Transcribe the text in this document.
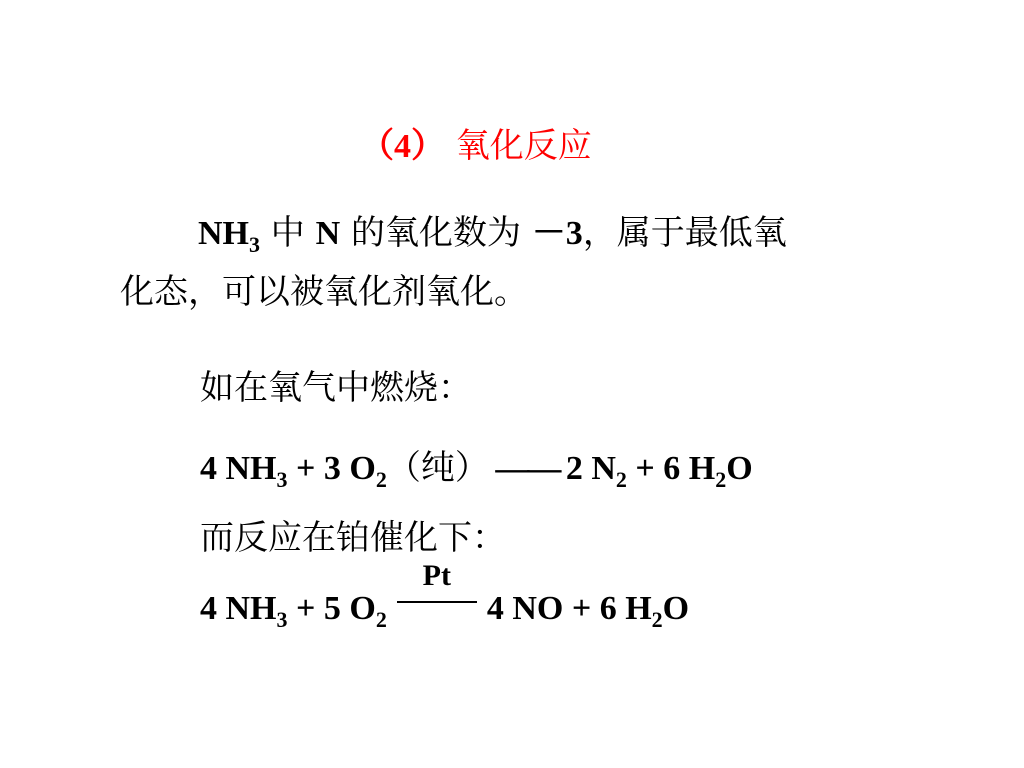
（4） 氧化反应
$NH_3$ 中 N 的氧化数为 －3，属于最低氧
化态，可以被氧化剂氧化。
如在氧气中燃烧：
4 $NH_3 + 3$ $O_2$（纯） —— 2 $N_2 + 6$ $H_2O$
而反应在铂催化下：
4 $NH_3 + 5$ $O_2$
Pt
4 NO + 6 $H_2O$
